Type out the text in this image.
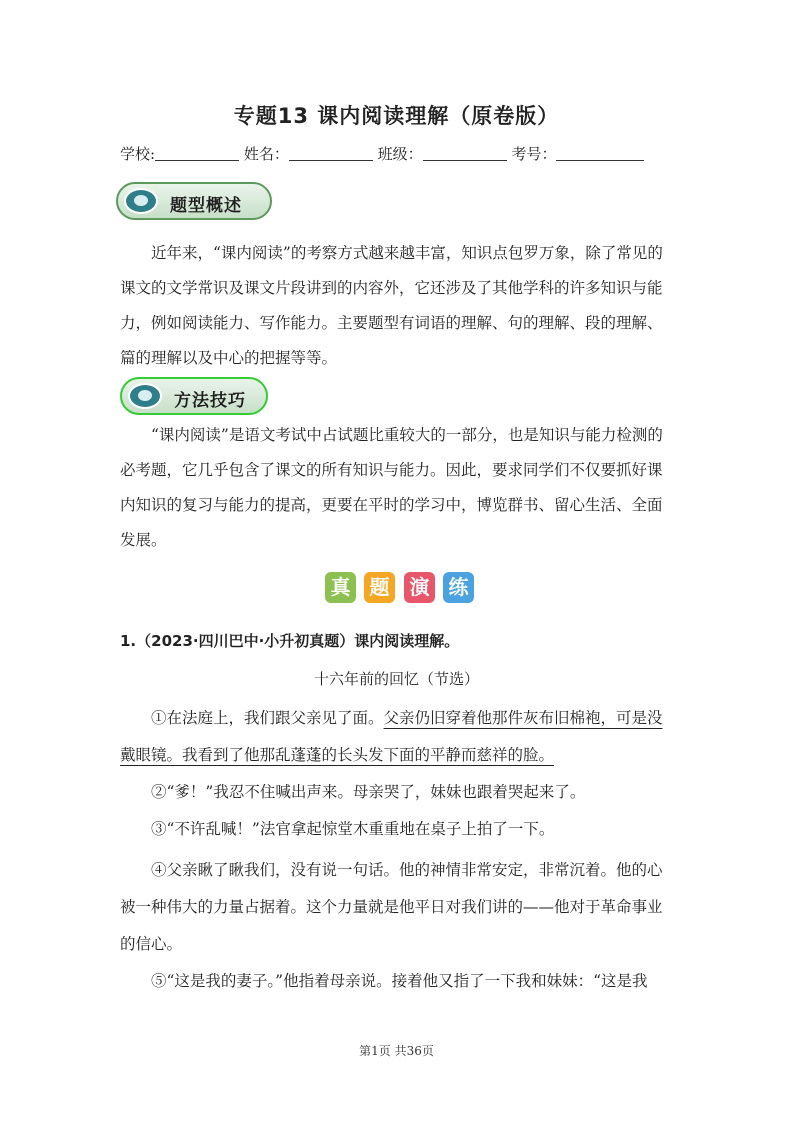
专题13 课内阅读理解（原卷版）
学校:	姓名：	班级：	考号：
题型概述
近年来，“课内阅读”的考察方式越来越丰富，知识点包罗万象，除了常见的
课文的文学常识及课文片段讲到的内容外，它还涉及了其他学科的许多知识与能
力，例如阅读能力、写作能力。主要题型有词语的理解、句的理解、段的理解、
篇的理解以及中心的把握等等。
方法技巧
“课内阅读”是语文考试中占试题比重较大的一部分，也是知识与能力检测的
必考题，它几乎包含了课文的所有知识与能力。因此，要求同学们不仅要抓好课
内知识的复习与能力的提高，更要在平时的学习中，博览群书、留心生活、全面
发展。
真 题 演 练
1.（2023·四川巴中·小升初真题）课内阅读理解。
十六年前的回忆（节选）
①在法庭上，我们跟父亲见了面。父亲仍旧穿着他那件灰布旧棉袍，可是没
戴眼镜。我看到了他那乱蓬蓬的长头发下面的平静而慈祥的脸。
②“爹！”我忍不住喊出声来。母亲哭了，妹妹也跟着哭起来了。
③“不许乱喊！”法官拿起惊堂木重重地在桌子上拍了一下。
④父亲瞅了瞅我们，没有说一句话。他的神情非常安定，非常沉着。他的心
被一种伟大的力量占据着。这个力量就是他平日对我们讲的——他对于革命事业
的信心。
⑤“这是我的妻子。”他指着母亲说。接着他又指了一下我和妹妹：“这是我
第1页 共36页
